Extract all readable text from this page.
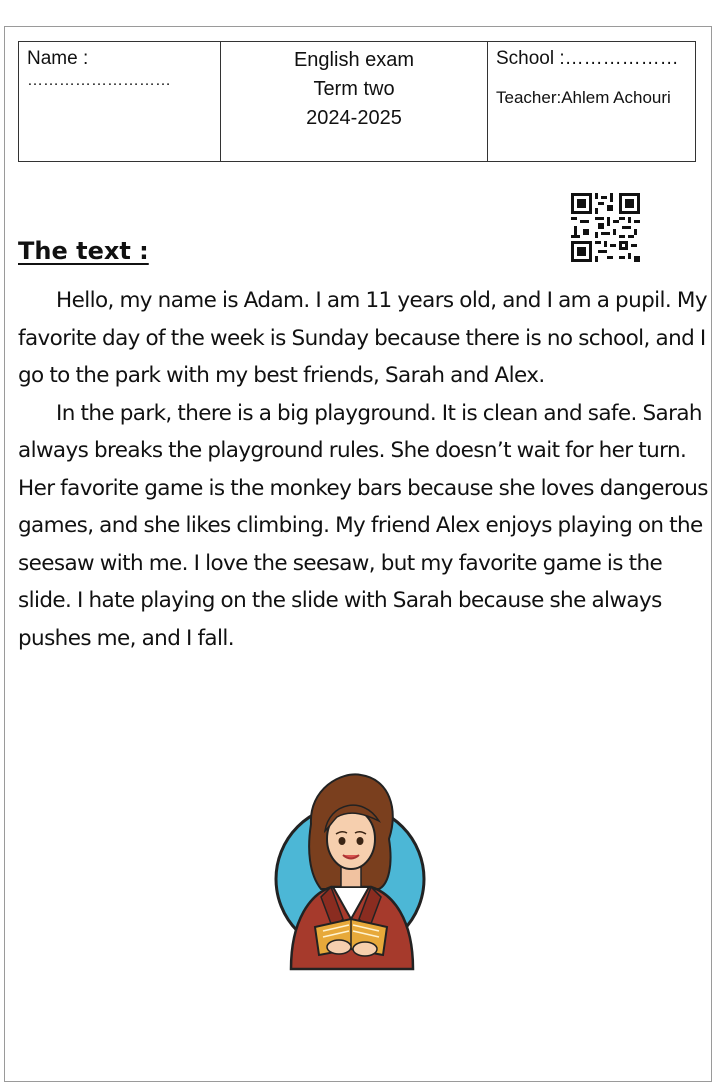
Name :
………………………

English exam
Term two
2024-2025

School :………………
Teacher:Ahlem Achouri
The text :

Hello, my name is Adam. I am 11 years old, and I am a pupil. My favorite day of the week is Sunday because there is no school, and I go to the park with my best friends, Sarah and Alex.

In the park, there is a big playground. It is clean and safe. Sarah always breaks the playground rules. She doesn’t wait for her turn. Her favorite game is the monkey bars because she loves dangerous games, and she likes climbing. My friend Alex enjoys playing on the seesaw with me. I love the seesaw, but my favorite game is the slide. I hate playing on the slide with Sarah because she always pushes me, and I fall.
